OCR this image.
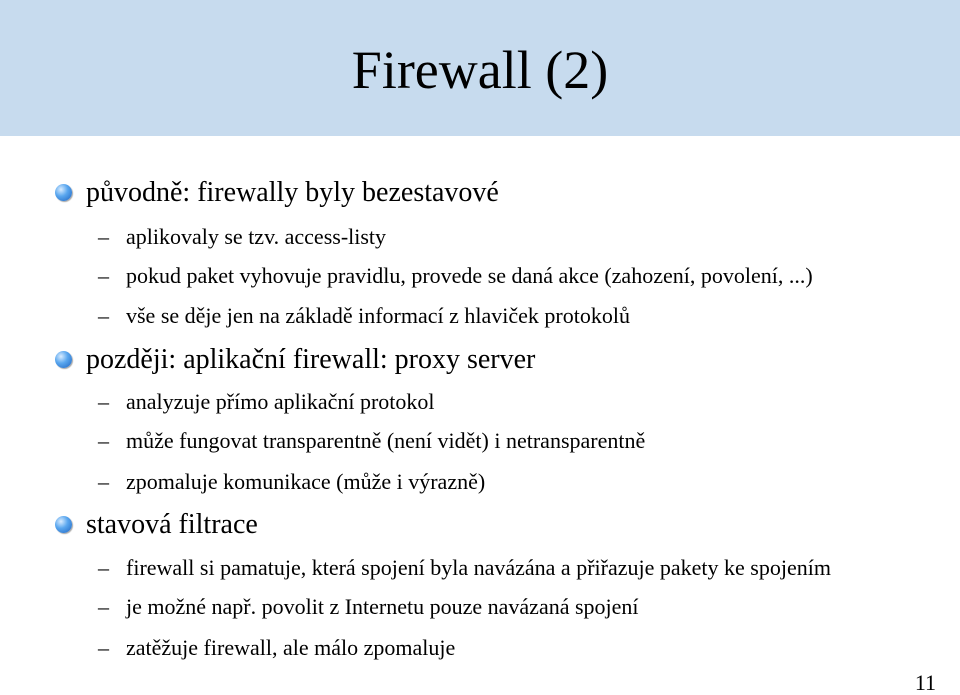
Firewall (2)
původně: firewally byly bezestavové
– aplikovaly se tzv. access-listy
– pokud paket vyhovuje pravidlu, provede se daná akce (zahození, povolení, ...)
– vše se děje jen na základě informací z hlaviček protokolů
později: aplikační firewall: proxy server
– analyzuje přímo aplikační protokol
– může fungovat transparentně (není vidět) i netransparentně
– zpomaluje komunikace (může i výrazně)
stavová filtrace
– firewall si pamatuje, která spojení byla navázána a přiřazuje pakety ke spojením
– je možné např. povolit z Internetu pouze navázaná spojení
– zatěžuje firewall, ale málo zpomaluje
11
